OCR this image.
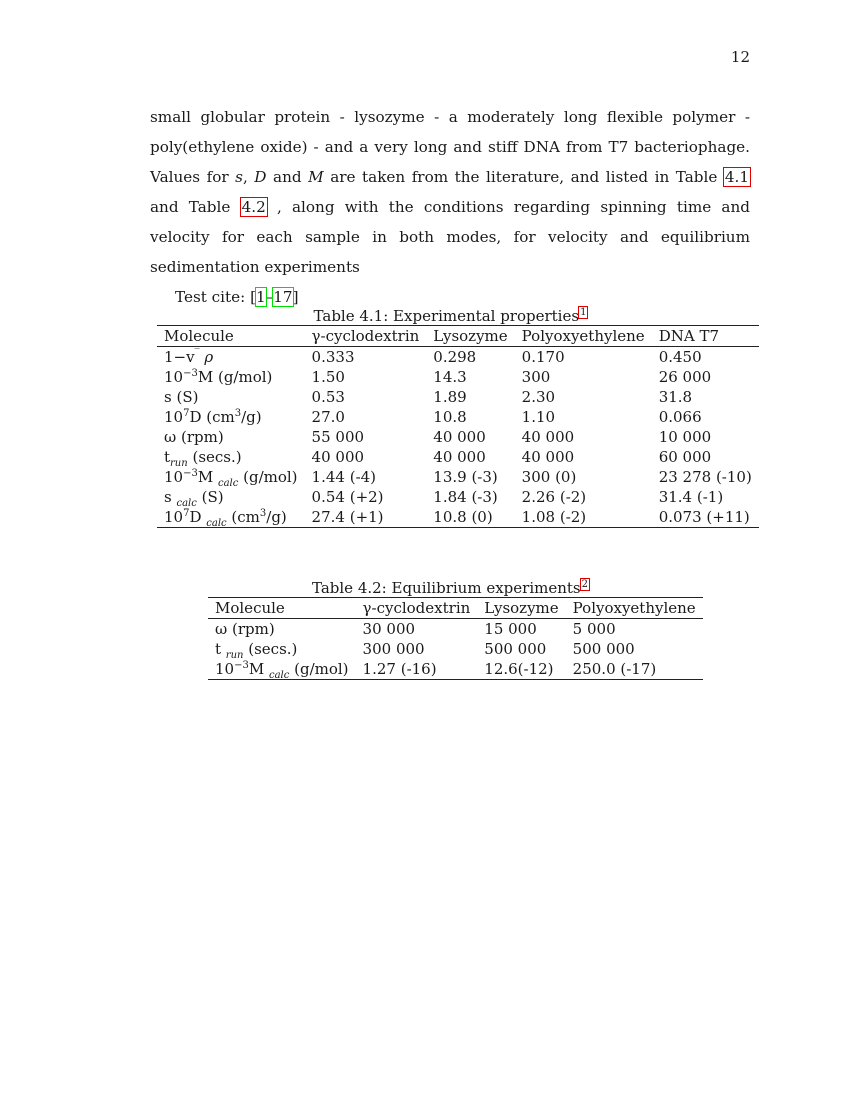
12

small globular protein - lysozyme - a moderately long flexible polymer - poly(ethylene oxide) - and a very long and stiff DNA from T7 bacteriophage. Values for s, D and M are taken from the literature, and listed in Table 4.1 and Table 4.2 , along with the conditions regarding spinning time and velocity for each sample in both modes, for velocity and equilibrium sedimentation experiments

Test cite: [1–17]

Table 4.1: Experimental properties$^1$
Molecule	γ-cyclodextrin	Lysozyme	Polyoxyethylene	DNA T7
1−v‾ ρ	0.333	0.298	0.170	0.450
$10^{-3}M$ (g/mol)	1.50	14.3	300	26 000
s (S)	0.53	1.89	2.30	31.8
$10^7D$ $(cm^3/g)$	27.0	10.8	1.10	0.066
ω (rpm)	55 000	40 000	40 000	10 000
$t_{run}$ (secs.)	40 000	40 000	40 000	60 000
$10^{-3}M$ $_{calc}$ (g/mol)	1.44 (-4)	13.9 (-3)	300 (0)	23 278 (-10)
s $_{calc}$ (S)	0.54 (+2)	1.84 (-3)	2.26 (-2)	31.4 (-1)
$10^7D$ $_{calc}$ $(cm^3/g)$	27.4 (+1)	10.8 (0)	1.08 (-2)	0.073 (+11)
Table 4.2: Equilibrium experiments$^2$
Molecule	γ-cyclodextrin	Lysozyme	Polyoxyethylene
ω (rpm)	30 000	15 000	5 000
t $_{run}$ (secs.)	300 000	500 000	500 000
$10^{-3}M$ $_{calc}$ (g/mol)	1.27 (-16)	12.6(-12)	250.0 (-17)
